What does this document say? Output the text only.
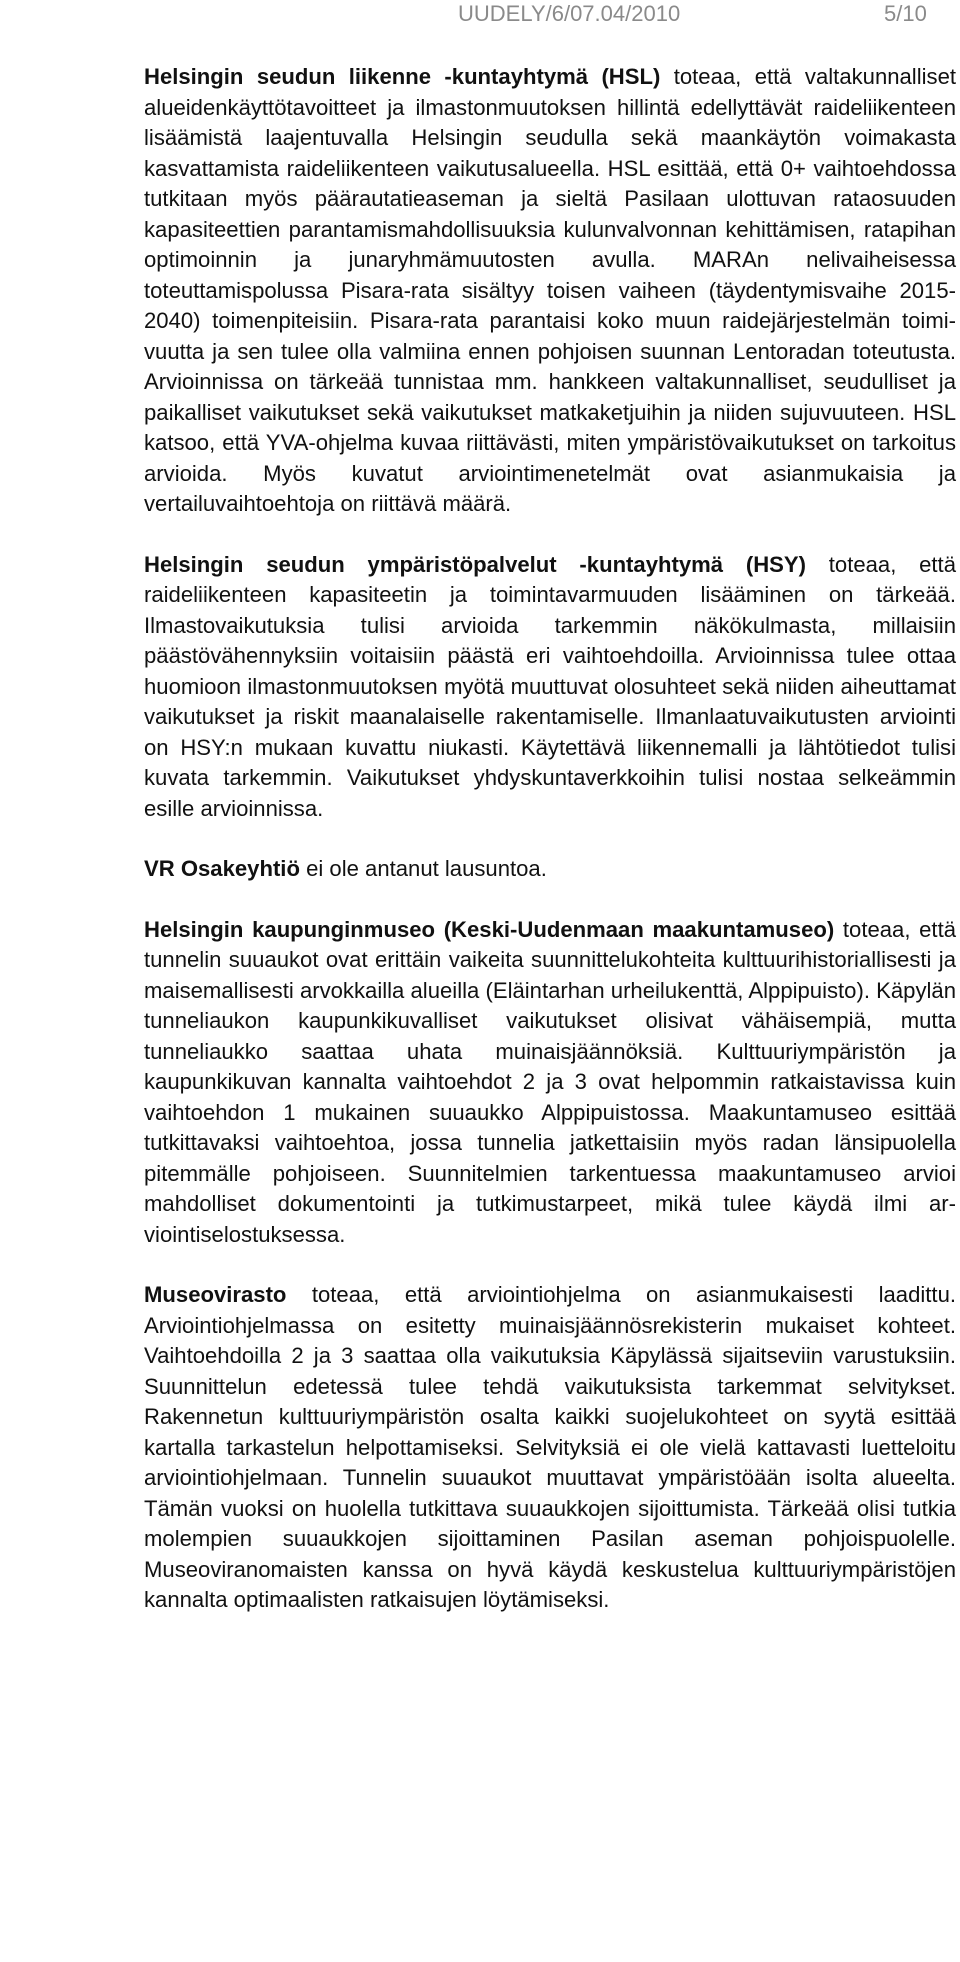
UUDELY/6/07.04/2010	5/10

Helsingin seudun liikenne -kuntayhtymä (HSL) toteaa, että valtakunnalliset alueidenkäyttötavoitteet ja ilmastonmuutoksen hillintä edellyttävät raideliikenteen lisäämistä laajentuvalla Helsingin seudulla sekä maankäytön voimakasta kasvattamista raideliikenteen vaikutusalueella. HSL esittää, että 0+ vaihtoehdossa tutkitaan myös päärautatieaseman ja sieltä Pasilaan ulottuvan rataosuuden kapasiteettien parantamismahdollisuuksia kulunvalvonnan kehittämisen, ratapihan optimoinnin ja junaryhmämuutosten avulla. MARAn nelivaiheisessa toteuttamispolussa Pisara-rata sisältyy toisen vaiheen (täydentymisvaihe 2015-2040) toimenpiteisiin. Pisara-rata parantaisi koko muun raidejärjestelmän toimivuutta ja sen tulee olla valmiina ennen pohjoisen suunnan Lentoradan toteutusta. Arvioinnissa on tärkeää tunnistaa mm. hankkeen valtakunnalliset, seudulliset ja paikalliset vaikutukset sekä vaikutukset matkaketjuihin ja niiden sujuvuuteen. HSL katsoo, että YVA-ohjelma kuvaa riittävästi, miten ympäristövaikutukset on tarkoitus arvioida. Myös kuvatut arviointimenetelmät ovat asianmukaisia ja vertailuvaihtoehtoja on riittävä määrä.

Helsingin seudun ympäristöpalvelut -kuntayhtymä (HSY) toteaa, että raideliikenteen kapasiteetin ja toimintavarmuuden lisääminen on tärkeää. Ilmastovaikutuksia tulisi arvioida tarkemmin näkökulmasta, millaisiin päästövähennyksiin voitaisiin päästä eri vaihtoehdoilla. Arvioinnissa tulee ottaa huomioon ilmastonmuutoksen myötä muuttuvat olosuhteet sekä niiden aiheuttamat vaikutukset ja riskit maanalaiselle rakentamiselle. Ilmanlaatuvaikutusten arviointi on HSY:n mukaan kuvattu niukasti. Käytettävä liikennemalli ja lähtötiedot tulisi kuvata tarkemmin. Vaikutukset yhdyskuntaverkkoihin tulisi nostaa selkeämmin esille arvioinnissa.

VR Osakeyhtiö ei ole antanut lausuntoa.

Helsingin kaupunginmuseo (Keski-Uudenmaan maakuntamuseo) toteaa, että tunnelin suuaukot ovat erittäin vaikeita suunnittelukohteita kulttuurihistoriallisesti ja maisemallisesti arvokkailla alueilla (Eläintarhan urheilukenttä, Alppipuisto). Käpylän tunneliaukon kaupunkikuvalliset vaikutukset olisivat vähäisempiä, mutta tunneliaukko saattaa uhata muinaisjäännöksiä. Kulttuuriympäristön ja kaupunkikuvan kannalta vaihtoehdot 2 ja 3 ovat helpommin ratkaistavissa kuin vaihtoehdon 1 mukainen suuaukko Alppipuistossa. Maakuntamuseo esittää tutkittavaksi vaihtoehtoa, jossa tunnelia jatkettaisiin myös radan länsipuolella pitemmälle pohjoiseen. Suunnitelmien tarkentuessa maakuntamuseo arvioi mahdolliset dokumentointi ja tutkimustarpeet, mikä tulee käydä ilmi arviointiselostuksessa.

Museovirasto toteaa, että arviointiohjelma on asianmukaisesti laadittu. Arviointiohjelmassa on esitetty muinaisjäännösrekisterin mukaiset kohteet. Vaihtoehdoilla 2 ja 3 saattaa olla vaikutuksia Käpylässä sijaitseviin varustuksiin. Suunnittelun edetessä tulee tehdä vaikutuksista tarkemmat selvitykset. Rakennetun kulttuuriympäristön osalta kaikki suojelukohteet on syytä esittää kartalla tarkastelun helpottamiseksi. Selvityksiä ei ole vielä kattavasti luetteloitu arviointiohjelmaan. Tunnelin suuaukot muuttavat ympäristöään isolta alueelta. Tämän vuoksi on huolella tutkittava suuaukkojen sijoittumista. Tärkeää olisi tutkia molempien suuaukkojen sijoittaminen Pasilan aseman pohjoispuolelle. Museoviranomaisten kanssa on hyvä käydä keskustelua kulttuuriympäristöjen kannalta optimaalisten ratkaisujen löytämiseksi.
